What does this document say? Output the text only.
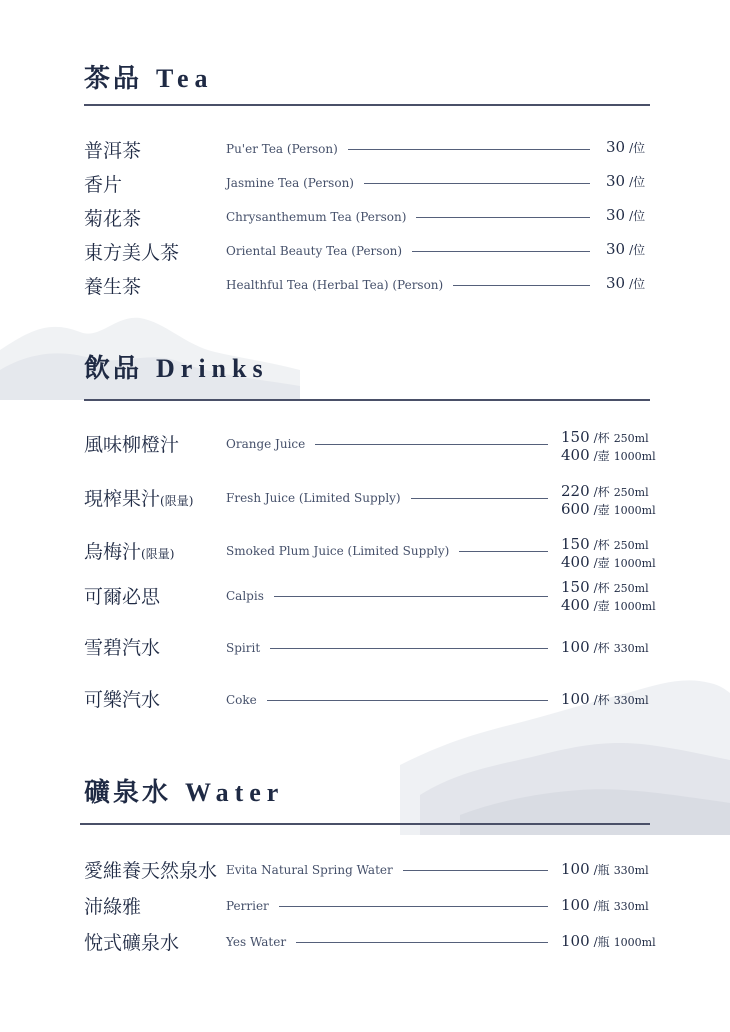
茶品 Tea
普洱茶	Pu'er Tea (Person)	30 /位
香片	Jasmine Tea (Person)	30 /位
菊花茶	Chrysanthemum Tea (Person)	30 /位
東方美人茶	Oriental Beauty Tea (Person)	30 /位
養生茶	Healthful Tea (Herbal Tea) (Person)	30 /位
飲品 Drinks
風味柳橙汁	Orange Juice	150 /杯 250ml
400 /壺 1000ml
現榨果汁(限量)	Fresh Juice (Limited Supply)	220 /杯 250ml
600 /壺 1000ml
烏梅汁(限量)	Smoked Plum Juice (Limited Supply)	150 /杯 250ml
400 /壺 1000ml
可爾必思	Calpis	150 /杯 250ml
400 /壺 1000ml
雪碧汽水	Spirit	100 /杯 330ml
可樂汽水	Coke	100 /杯 330ml
礦泉水 Water
愛維養天然泉水 Evita Natural Spring Water	100 /瓶 330ml
沛綠雅	Perrier	100 /瓶 330ml
悅式礦泉水	Yes Water	100 /瓶 1000ml
